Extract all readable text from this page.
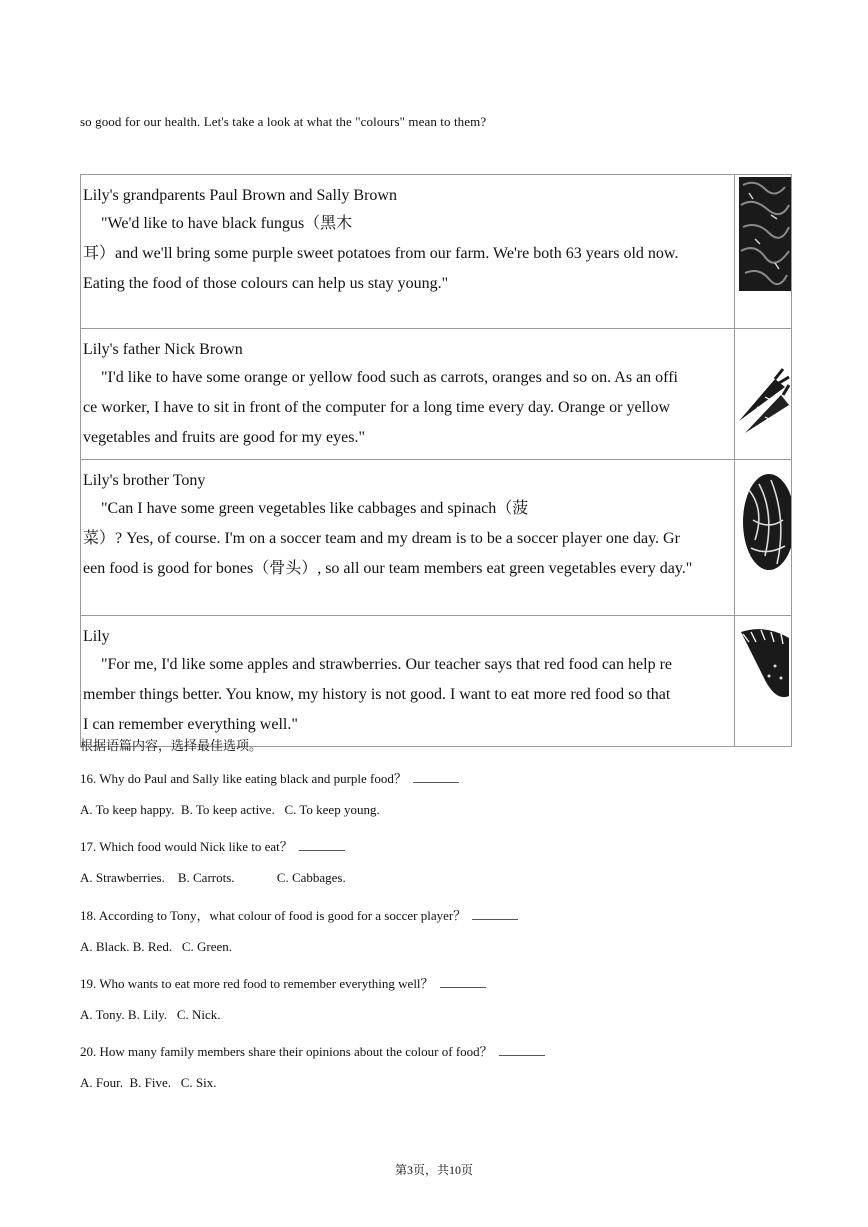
so good for our health. Let's take a look at what the "colours" mean to them?
Lily's grandparents Paul Brown and Sally Brown
"We'd like to have black fungus（黑木
耳）and we'll bring some purple sweet potatoes from our farm. We're both 63 years old now.
Eating the food of those colours can help us stay young."

Lily's father Nick Brown
"I'd like to have some orange or yellow food such as carrots, oranges and so on. As an offi
ce worker, I have to sit in front of the computer for a long time every day. Orange or yellow
vegetables and fruits are good for my eyes."

Lily's brother Tony
"Can I have some green vegetables like cabbages and spinach（菠
菜）? Yes, of course. I'm on a soccer team and my dream is to be a soccer player one day. Gr
een food is good for bones（骨头）, so all our team members eat green vegetables every day."

Lily
"For me, I'd like some apples and strawberries. Our teacher says that red food can help re
member things better. You know, my history is not good. I want to eat more red food so that
I can remember everything well."

根据语篇内容，选择最佳选项。
16. Why do Paul and Sally like eating black and purple food？
A. To keep happy.  B. To keep active.   C. To keep young.
17. Which food would Nick like to eat？
A. Strawberries.    B. Carrots.             C. Cabbages.
18. According to Tony，what colour of food is good for a soccer player？
A. Black. B. Red.   C. Green.
19. Who wants to eat more red food to remember everything well？
A. Tony. B. Lily.   C. Nick.
20. How many family members share their opinions about the colour of food？
A. Four.  B. Five.   C. Six.
第3页，共10页
